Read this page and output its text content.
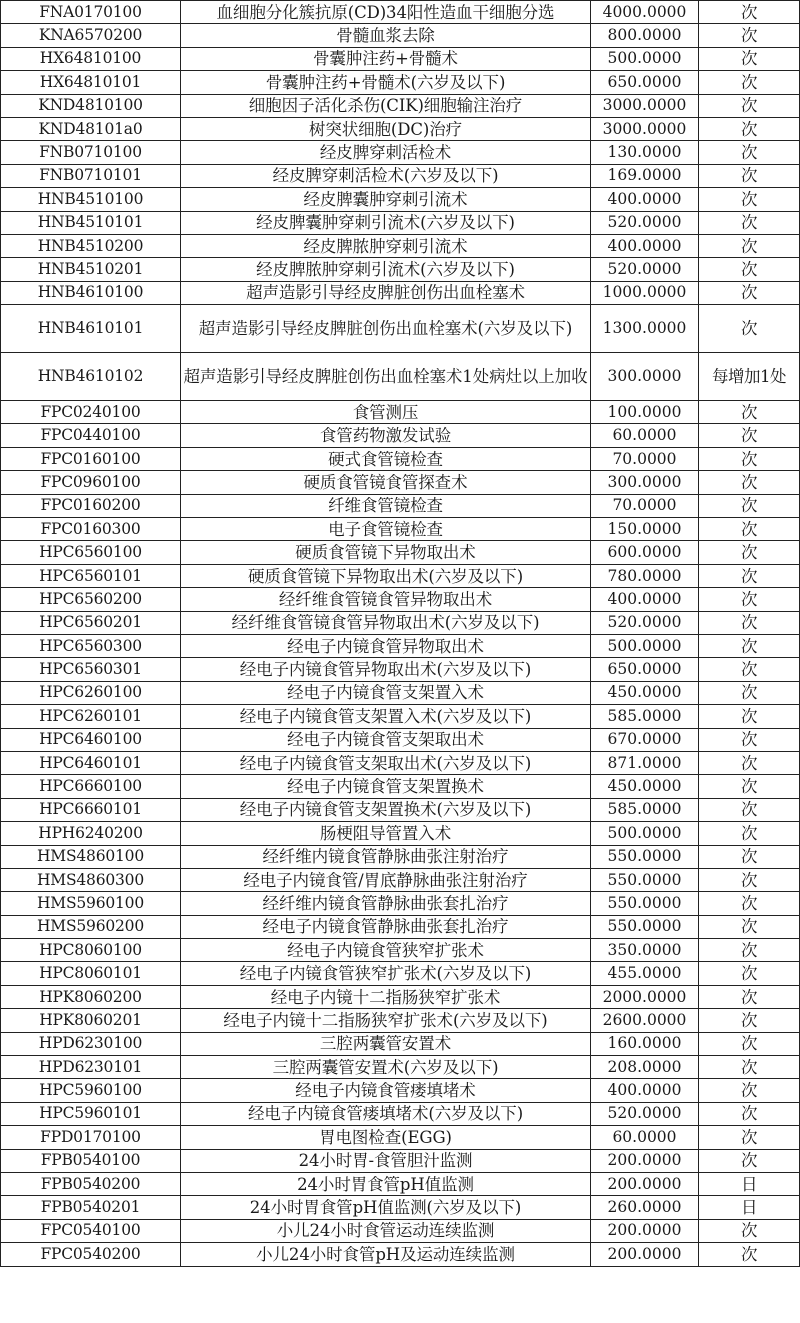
FNA0170100	血细胞分化簇抗原(CD)34阳性造血干细胞分选	4000.0000	次
KNA6570200	骨髓血浆去除	800.0000	次
HX64810100	骨囊肿注药+骨髓术	500.0000	次
HX64810101	骨囊肿注药+骨髓术(六岁及以下)	650.0000	次
KND4810100	细胞因子活化杀伤(CIK)细胞输注治疗	3000.0000	次
KND48101a0	树突状细胞(DC)治疗	3000.0000	次
FNB0710100	经皮脾穿刺活检术	130.0000	次
FNB0710101	经皮脾穿刺活检术(六岁及以下)	169.0000	次
HNB4510100	经皮脾囊肿穿刺引流术	400.0000	次
HNB4510101	经皮脾囊肿穿刺引流术(六岁及以下)	520.0000	次
HNB4510200	经皮脾脓肿穿刺引流术	400.0000	次
HNB4510201	经皮脾脓肿穿刺引流术(六岁及以下)	520.0000	次
HNB4610100	超声造影引导经皮脾脏创伤出血栓塞术	1000.0000	次
HNB4610101	超声造影引导经皮脾脏创伤出血栓塞术(六岁及以下)	1300.0000	次
HNB4610102	超声造影引导经皮脾脏创伤出血栓塞术1处病灶以上加收	300.0000	每增加1处
FPC0240100	食管测压	100.0000	次
FPC0440100	食管药物激发试验	60.0000	次
FPC0160100	硬式食管镜检查	70.0000	次
FPC0960100	硬质食管镜食管探查术	300.0000	次
FPC0160200	纤维食管镜检查	70.0000	次
FPC0160300	电子食管镜检查	150.0000	次
HPC6560100	硬质食管镜下异物取出术	600.0000	次
HPC6560101	硬质食管镜下异物取出术(六岁及以下)	780.0000	次
HPC6560200	经纤维食管镜食管异物取出术	400.0000	次
HPC6560201	经纤维食管镜食管异物取出术(六岁及以下)	520.0000	次
HPC6560300	经电子内镜食管异物取出术	500.0000	次
HPC6560301	经电子内镜食管异物取出术(六岁及以下)	650.0000	次
HPC6260100	经电子内镜食管支架置入术	450.0000	次
HPC6260101	经电子内镜食管支架置入术(六岁及以下)	585.0000	次
HPC6460100	经电子内镜食管支架取出术	670.0000	次
HPC6460101	经电子内镜食管支架取出术(六岁及以下)	871.0000	次
HPC6660100	经电子内镜食管支架置换术	450.0000	次
HPC6660101	经电子内镜食管支架置换术(六岁及以下)	585.0000	次
HPH6240200	肠梗阻导管置入术	500.0000	次
HMS4860100	经纤维内镜食管静脉曲张注射治疗	550.0000	次
HMS4860300	经电子内镜食管/胃底静脉曲张注射治疗	550.0000	次
HMS5960100	经纤维内镜食管静脉曲张套扎治疗	550.0000	次
HMS5960200	经电子内镜食管静脉曲张套扎治疗	550.0000	次
HPC8060100	经电子内镜食管狭窄扩张术	350.0000	次
HPC8060101	经电子内镜食管狭窄扩张术(六岁及以下)	455.0000	次
HPK8060200	经电子内镜十二指肠狭窄扩张术	2000.0000	次
HPK8060201	经电子内镜十二指肠狭窄扩张术(六岁及以下)	2600.0000	次
HPD6230100	三腔两囊管安置术	160.0000	次
HPD6230101	三腔两囊管安置术(六岁及以下)	208.0000	次
HPC5960100	经电子内镜食管瘘填堵术	400.0000	次
HPC5960101	经电子内镜食管瘘填堵术(六岁及以下)	520.0000	次
FPD0170100	胃电图检查(EGG)	60.0000	次
FPB0540100	24小时胃-食管胆汁监测	200.0000	次
FPB0540200	24小时胃食管pH值监测	200.0000	日
FPB0540201	24小时胃食管pH值监测(六岁及以下)	260.0000	日
FPC0540100	小儿24小时食管运动连续监测	200.0000	次
FPC0540200	小儿24小时食管pH及运动连续监测	200.0000	次
